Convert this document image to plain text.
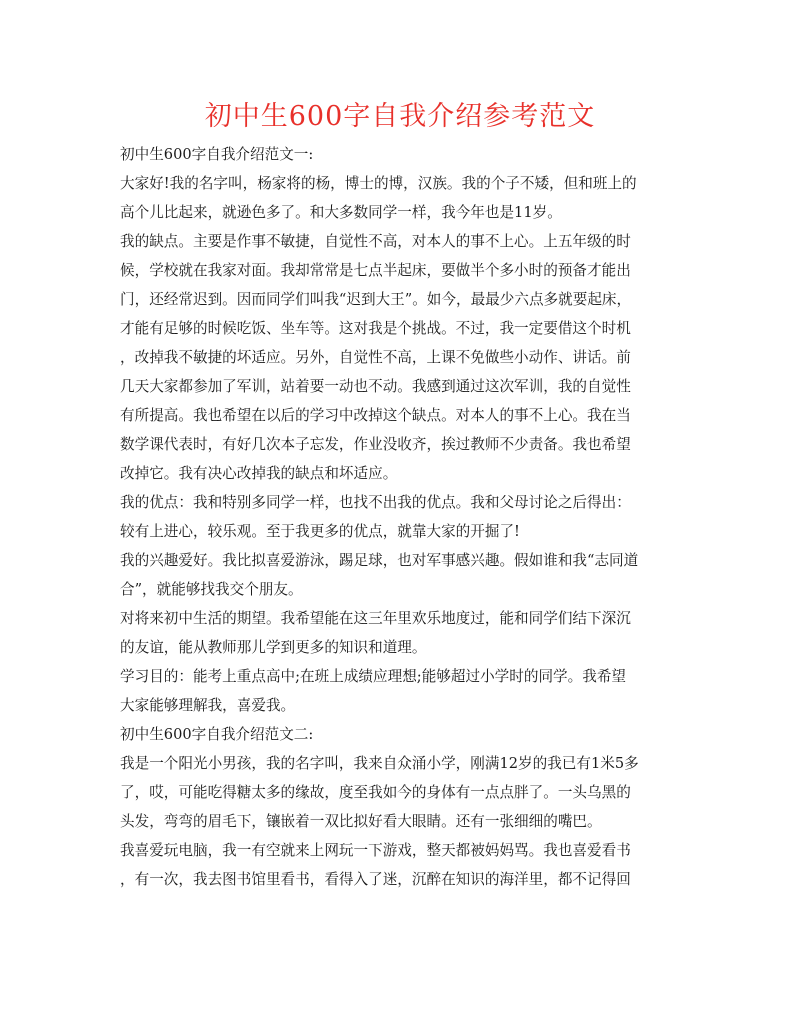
初中生600字自我介绍参考范文
初中生600字自我介绍范文一:
大家好!我的名字叫，杨家将的杨，博士的博，汉族。我的个子不矮，但和班上的
高个儿比起来，就逊色多了。和大多数同学一样，我今年也是11岁。
我的缺点。主要是作事不敏捷，自觉性不高，对本人的事不上心。上五年级的时
候，学校就在我家对面。我却常常是七点半起床，要做半个多小时的预备才能出
门，还经常迟到。因而同学们叫我“迟到大王”。如今，最最少六点多就要起床，
才能有足够的时候吃饭、坐车等。这对我是个挑战。不过，我一定要借这个时机
，改掉我不敏捷的坏适应。另外，自觉性不高，上课不免做些小动作、讲话。前
几天大家都参加了军训，站着要一动也不动。我感到通过这次军训，我的自觉性
有所提高。我也希望在以后的学习中改掉这个缺点。对本人的事不上心。我在当
数学课代表时，有好几次本子忘发，作业没收齐，挨过教师不少责备。我也希望
改掉它。我有决心改掉我的缺点和坏适应。
我的优点：我和特别多同学一样，也找不出我的优点。我和父母讨论之后得出：
较有上进心，较乐观。至于我更多的优点，就靠大家的开掘了!
我的兴趣爱好。我比拟喜爱游泳，踢足球，也对军事感兴趣。假如谁和我“志同道
合”，就能够找我交个朋友。
对将来初中生活的期望。我希望能在这三年里欢乐地度过，能和同学们结下深沉
的友谊，能从教师那儿学到更多的知识和道理。
学习目的：能考上重点高中;在班上成绩应理想;能够超过小学时的同学。我希望
大家能够理解我，喜爱我。
初中生600字自我介绍范文二:
我是一个阳光小男孩，我的名字叫，我来自众涌小学，刚满12岁的我已有1米5多
了，哎，可能吃得糖太多的缘故，度至我如今的身体有一点点胖了。一头乌黑的
头发，弯弯的眉毛下，镶嵌着一双比拟好看大眼睛。还有一张细细的嘴巴。
我喜爱玩电脑，我一有空就来上网玩一下游戏，整天都被妈妈骂。我也喜爱看书
，有一次，我去图书馆里看书，看得入了迷，沉醉在知识的海洋里，都不记得回
